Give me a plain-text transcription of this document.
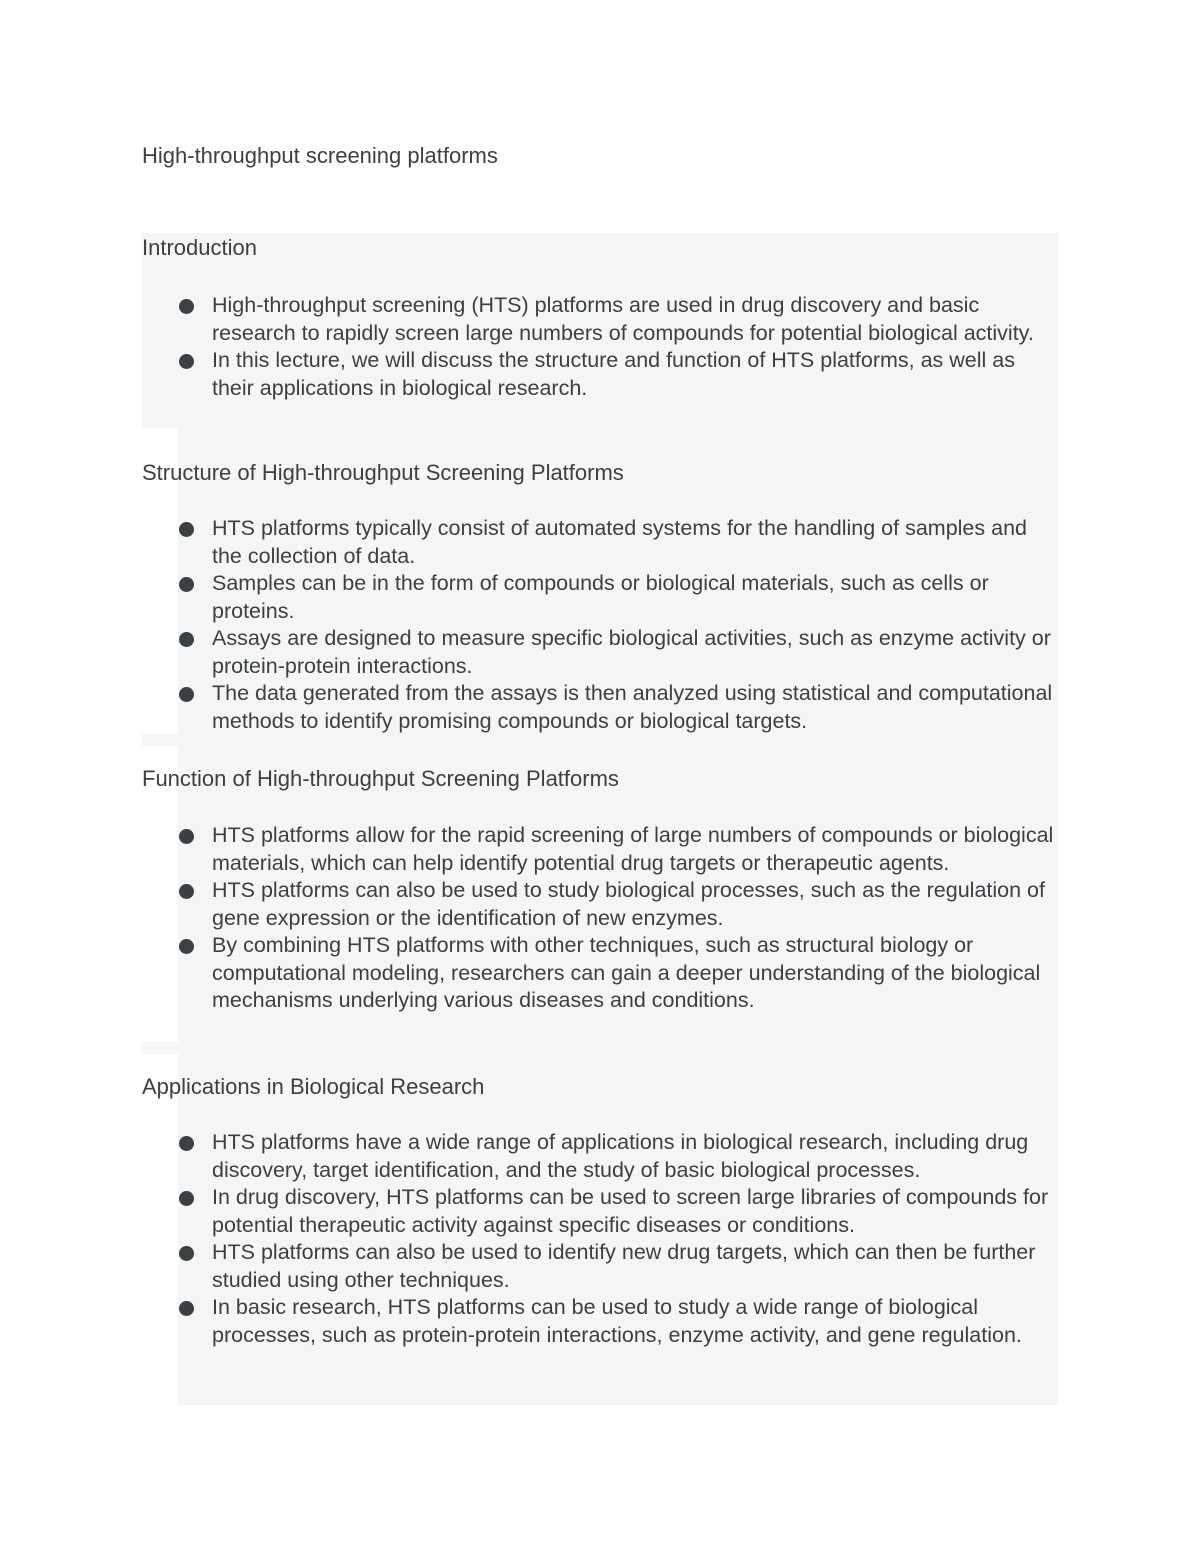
High-throughput screening platforms
Introduction
High-throughput screening (HTS) platforms are used in drug discovery and basic research to rapidly screen large numbers of compounds for potential biological activity.
In this lecture, we will discuss the structure and function of HTS platforms, as well as their applications in biological research.
Structure of High-throughput Screening Platforms
HTS platforms typically consist of automated systems for the handling of samples and the collection of data.
Samples can be in the form of compounds or biological materials, such as cells or proteins.
Assays are designed to measure specific biological activities, such as enzyme activity or protein-protein interactions.
The data generated from the assays is then analyzed using statistical and computational methods to identify promising compounds or biological targets.
Function of High-throughput Screening Platforms
HTS platforms allow for the rapid screening of large numbers of compounds or biological materials, which can help identify potential drug targets or therapeutic agents.
HTS platforms can also be used to study biological processes, such as the regulation of gene expression or the identification of new enzymes.
By combining HTS platforms with other techniques, such as structural biology or computational modeling, researchers can gain a deeper understanding of the biological mechanisms underlying various diseases and conditions.
Applications in Biological Research
HTS platforms have a wide range of applications in biological research, including drug discovery, target identification, and the study of basic biological processes.
In drug discovery, HTS platforms can be used to screen large libraries of compounds for potential therapeutic activity against specific diseases or conditions.
HTS platforms can also be used to identify new drug targets, which can then be further studied using other techniques.
In basic research, HTS platforms can be used to study a wide range of biological processes, such as protein-protein interactions, enzyme activity, and gene regulation.
